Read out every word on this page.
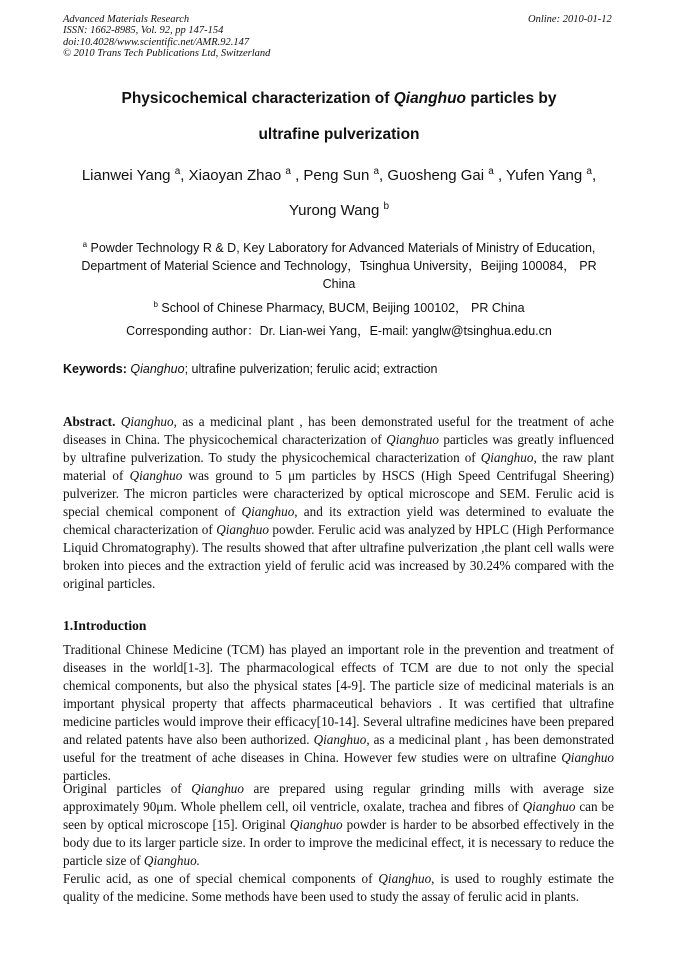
Advanced Materials Research
ISSN: 1662-8985, Vol. 92, pp 147-154
doi:10.4028/www.scientific.net/AMR.92.147
© 2010 Trans Tech Publications Ltd, Switzerland
Online: 2010-01-12
Physicochemical characterization of Qianghuo particles by
ultrafine pulverization
Lianwei Yang $^a$, Xiaoyan Zhao $^a$ , Peng Sun $^a$, Guosheng Gai $^a$ , Yufen Yang $^a$,
Yurong Wang $^b$
$^a$ Powder Technology R & D, Key Laboratory for Advanced Materials of Ministry of Education,
Department of Material Science and Technology，Tsinghua University，Beijing 100084， PR
China
$^b$ School of Chinese Pharmacy, BUCM, Beijing 100102， PR China
Corresponding author：Dr. Lian-wei Yang，E-mail: yanglw@tsinghua.edu.cn
Keywords: Qianghuo; ultrafine pulverization; ferulic acid; extraction
Abstract. Qianghuo, as a medicinal plant , has been demonstrated useful for the treatment of ache diseases in China. The physicochemical characterization of Qianghuo particles was greatly influenced by ultrafine pulverization. To study the physicochemical characterization of Qianghuo, the raw plant material of Qianghuo was ground to 5 μm particles by HSCS (High Speed Centrifugal Sheering) pulverizer. The micron particles were characterized by optical microscope and SEM. Ferulic acid is special chemical component of Qianghuo, and its extraction yield was determined to evaluate the chemical characterization of Qianghuo powder. Ferulic acid was analyzed by HPLC (High Performance Liquid Chromatography). The results showed that after ultrafine pulverization ,the plant cell walls were broken into pieces and the extraction yield of ferulic acid was increased by 30.24% compared with the original particles.
1.Introduction
Traditional Chinese Medicine (TCM) has played an important role in the prevention and treatment of diseases in the world[1-3]. The pharmacological effects of TCM are due to not only the special chemical components, but also the physical states [4-9]. The particle size of medicinal materials is an important physical property that affects pharmaceutical behaviors . It was certified that ultrafine medicine particles would improve their efficacy[10-14]. Several ultrafine medicines have been prepared and related patents have also been authorized. Qianghuo, as a medicinal plant , has been demonstrated useful for the treatment of ache diseases in China. However few studies were on ultrafine Qianghuo particles.
Original particles of Qianghuo are prepared using regular grinding mills with average size approximately 90μm. Whole phellem cell, oil ventricle, oxalate, trachea and fibres of Qianghuo can be seen by optical microscope [15]. Original Qianghuo powder is harder to be absorbed effectively in the body due to its larger particle size. In order to improve the medicinal effect, it is necessary to reduce the particle size of Qianghuo.
Ferulic acid, as one of special chemical components of Qianghuo, is used to roughly estimate the quality of the medicine. Some methods have been used to study the assay of ferulic acid in plants.
